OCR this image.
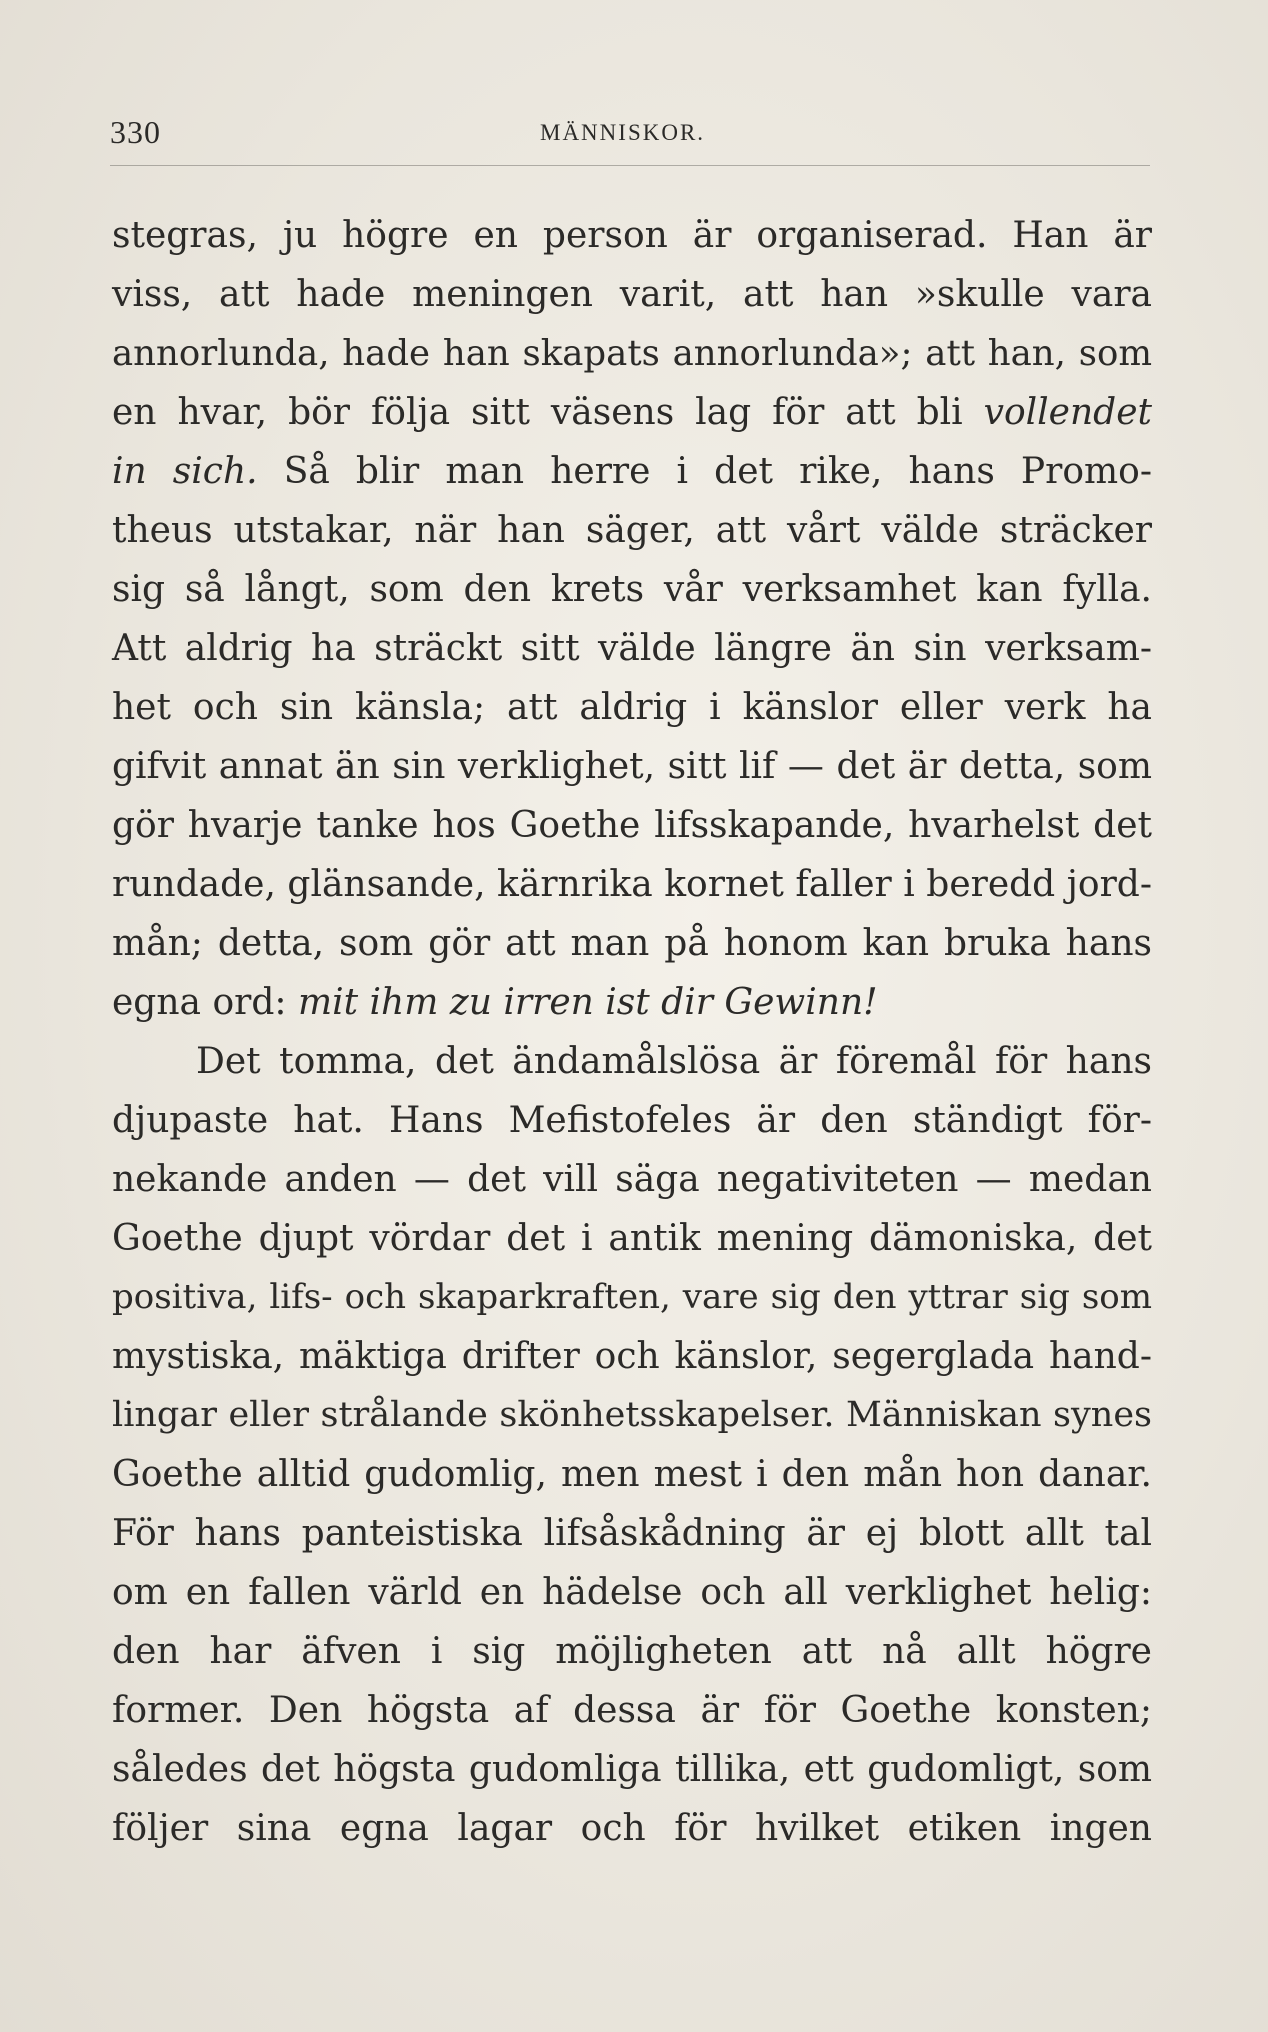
330	MÄNNISKOR.
stegras, ju högre en person är organiserad. Han är
viss, att hade meningen varit, att han »skulle vara
annorlunda, hade han skapats annorlunda»; att han, som
en hvar, bör följa sitt väsens lag för att bli vollendet
in sich. Så blir man herre i det rike, hans Promo-
theus utstakar, när han säger, att vårt välde sträcker
sig så långt, som den krets vår verksamhet kan fylla.
Att aldrig ha sträckt sitt välde längre än sin verksam-
het och sin känsla; att aldrig i känslor eller verk ha
gifvit annat än sin verklighet, sitt lif — det är detta, som
gör hvarje tanke hos Goethe lifsskapande, hvarhelst det
rundade, glänsande, kärnrika kornet faller i beredd jord-
mån; detta, som gör att man på honom kan bruka hans
egna ord: mit ihm zu irren ist dir Gewinn!
Det tomma, det ändamålslösa är föremål för hans
djupaste hat. Hans Mefistofeles är den ständigt för-
nekande anden — det vill säga negativiteten — medan
Goethe djupt vördar det i antik mening dämoniska, det
positiva, lifs- och skaparkraften, vare sig den yttrar sig som
mystiska, mäktiga drifter och känslor, segerglada hand-
lingar eller strålande skönhetsskapelser. Människan synes
Goethe alltid gudomlig, men mest i den mån hon danar.
För hans panteistiska lifsåskådning är ej blott allt tal
om en fallen värld en hädelse och all verklighet helig:
den har äfven i sig möjligheten att nå allt högre
former. Den högsta af dessa är för Goethe konsten;
således det högsta gudomliga tillika, ett gudomligt, som
följer sina egna lagar och för hvilket etiken ingen
